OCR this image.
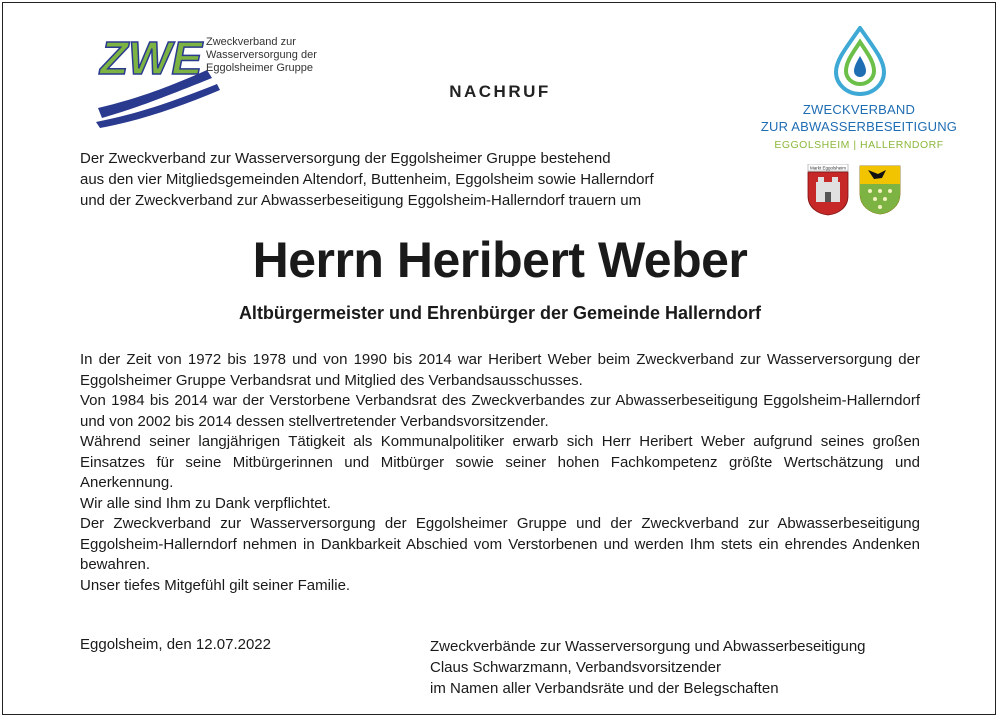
ZWE Zweckverband zur
Wasserversorgung der
Eggolsheimer Gruppe
NACHRUF
ZWECKVERBAND
ZUR ABWASSERBESEITIGUNG
EGGOLSHEIM | HALLERNDORF
Markt Eggolsheim
Der Zweckverband zur Wasserversorgung der Eggolsheimer Gruppe bestehend
aus den vier Mitgliedsgemeinden Altendorf, Buttenheim, Eggolsheim sowie Hallerndorf
und der Zweckverband zur Abwasserbeseitigung Eggolsheim-Hallerndorf trauern um
Herrn Heribert Weber
Altbürgermeister und Ehrenbürger der Gemeinde Hallerndorf

In der Zeit von 1972 bis 1978 und von 1990 bis 2014 war Heribert Weber beim Zweckverband zur Wasserversorgung der Eggolsheimer Gruppe Verbandsrat und Mitglied des Verbandsausschusses.

Von 1984 bis 2014 war der Verstorbene Verbandsrat des Zweckverbandes zur Abwasserbeseitigung Eggolsheim-Hallerndorf und von 2002 bis 2014 dessen stellvertretender Verbandsvorsitzender.

Während seiner langjährigen Tätigkeit als Kommunalpolitiker erwarb sich Herr Heribert Weber aufgrund seines großen Einsatzes für seine Mitbürgerinnen und Mitbürger sowie seiner hohen Fachkompetenz größte Wertschätzung und Anerkennung.

Wir alle sind Ihm zu Dank verpflichtet.

Der Zweckverband zur Wasserversorgung der Eggolsheimer Gruppe und der Zweckverband zur Abwasserbeseitigung Eggolsheim-Hallerndorf nehmen in Dankbarkeit Abschied vom Verstorbenen und werden Ihm stets ein ehrendes Andenken bewahren.

Unser tiefes Mitgefühl gilt seiner Familie.

Eggolsheim, den 12.07.2022	Zweckverbände zur Wasserversorgung und Abwasserbeseitigung
Claus Schwarzmann, Verbandsvorsitzender
im Namen aller Verbandsräte und der Belegschaften
